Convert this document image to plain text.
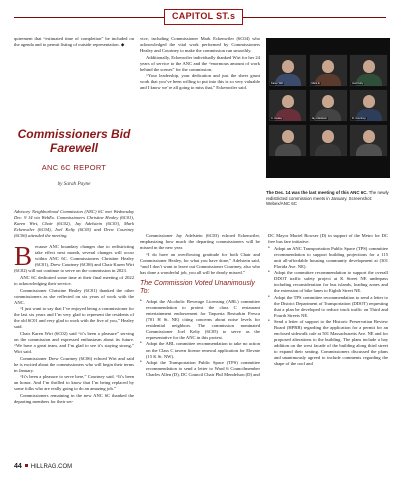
CAPITOL ST.s

quirement that “estimated time of completion” be included on the agenda and to permit listing of outside representation. ◆

Commissioners Bid Farewell
ANC 6C REPORT
by Sarah Payne

Advisory Neighborhood Commission (ANC) 6C met Wednesday Dec. 9 14 via WebEx. Commissioners Christine Healey (6C01), Karen Wirt, Chair (6C02), Jay Adelstein (6C03), Mark Eckenwiler (6C04), Joel Kelty (6C05) and Drew Courtney (6C06) attended the meeting.

B ecause ANC boundary changes due to redistricting take effect next month, several changes will occur within ANC 6C. Commissioners Christine Healey (6C01), Drew Courtney (6C06) and Chair Karen Wirt (6C02) will not continue to serve on the commission in 2023.

ANC 6C dedicated some time at their final meeting of 2022 to acknowledging their service.

Commissioner Christine Healey (6C01) thanked the other commissioners as she reflected on six years of work with the ANC.

“I just want to say that I’ve enjoyed being a commissioner for the last six years and I’m very glad to represent the residents of the old 6C01 and very glad to work with the five of you,” Healey said.

Chair Karen Wirt (6C02) said “it’s been a pleasure” serving on the commission and expressed enthusiasm about its future. “We have a great team, and I’m glad to see it’s staying strong,” Wirt said.

Commissioner Drew Courtney (6C06) echoed Wirt and said he is excited about the commissioners who will begin their terms in January.

“It’s been a pleasure to serve here,” Courtney said. “It’s been an honor. And I’m thrilled to know that I’m being replaced by some folks who are really going to do an amazing job.”

Commissioners remaining in the new ANC 6C thanked the departing members for their ser-

vice, including Commissioner Mark Eckenwiler (6C04) who acknowledged the vital work performed by Commissioners Healey and Courtney to make the commission run smoothly.

Additionally, Eckenwiler individually thanked Wirt for her 24 years of service to the ANC and the “enormous amount of work behind the scenes” for the commission.

“Your leadership, your dedication and just the sheer grunt work that you’ve been willing to put into this is so very valuable and I know we’re all going to miss that,” Eckenwiler said.

Karen Wirt	Mark E.	Joel Kelty
C. Healey	Jay Adelstein	D. Courtney
The Dec. 14 was the last meeting of this ANC 6C. The newly redistricted commission meets in January. Screenshot: Webex/ANC 6C

Commissioner Jay Adelstein (6C03) echoed Eckenwiler, emphasizing how much the departing commissioners will be missed in the new year.

“I do have an overflowing gratitude for both Chair and Commissioner Healey, for what you have done,” Adelstein said, “and I don’t want to leave out Commissioner Courtney, also who has done a wonderful job, you all will be dearly missed.”

The Commission Voted Unanimously To:
• Adopt the Alcoholic Beverage Licensing (ABL) committee recommendation to protest the class C restaurant entertainment endorsement for Taqueria Resturkin Fresca (701 H St. NE) citing concerns about noise levels for residential neighbors. The commission nominated Commissioner Joel Kelty (6C05) to serve as the representative for the ANC in this protest.
• Adopt the ABL committee recommendation to take no action on the Class C tavern license renewal application for Elevate (15 K St. NW).
• Adopt the Transportation Public Space (TPS) committee recommendation to send a letter to Ward 6 Councilmember Charles Allen (D), DC Council Chair Phil Mendelson (D) and

DC Mayor Muriel Bowser (D) in support of the Metro for DC free bus fare initiative.

• Adopt an ANC Transportation Public Space (TPS) committee recommendation to support building projections for a 115 unit all-affordable housing community development at (301 Florida Ave. NE).
• Adopt the committee recommendation to support the overall DDOT traffic safety project at K Street NE underpass including reconsideration for bus islands, loading zones and the extension of bike lanes to Eighth Street NE.
• Adopt the TPS committee recommendation to send a letter to the District Department of Transportation (DDOT) requesting that a plan be developed to reduce truck traffic on Third and Fourth Streets NE.
• Send a letter of support to the Historic Preservation Review Board (HPRB) regarding the application for a permit for an enclosed sidewalk cafe at 501 Massachusetts Ave. NE and for proposed alterations to the building. The plans include a bay addition on the west facade of the building along third street to expand their seating. Commissioners discussed the plans and unanimously agreed to include comments regarding the shape of the roof and
44 HILLRAG.COM
